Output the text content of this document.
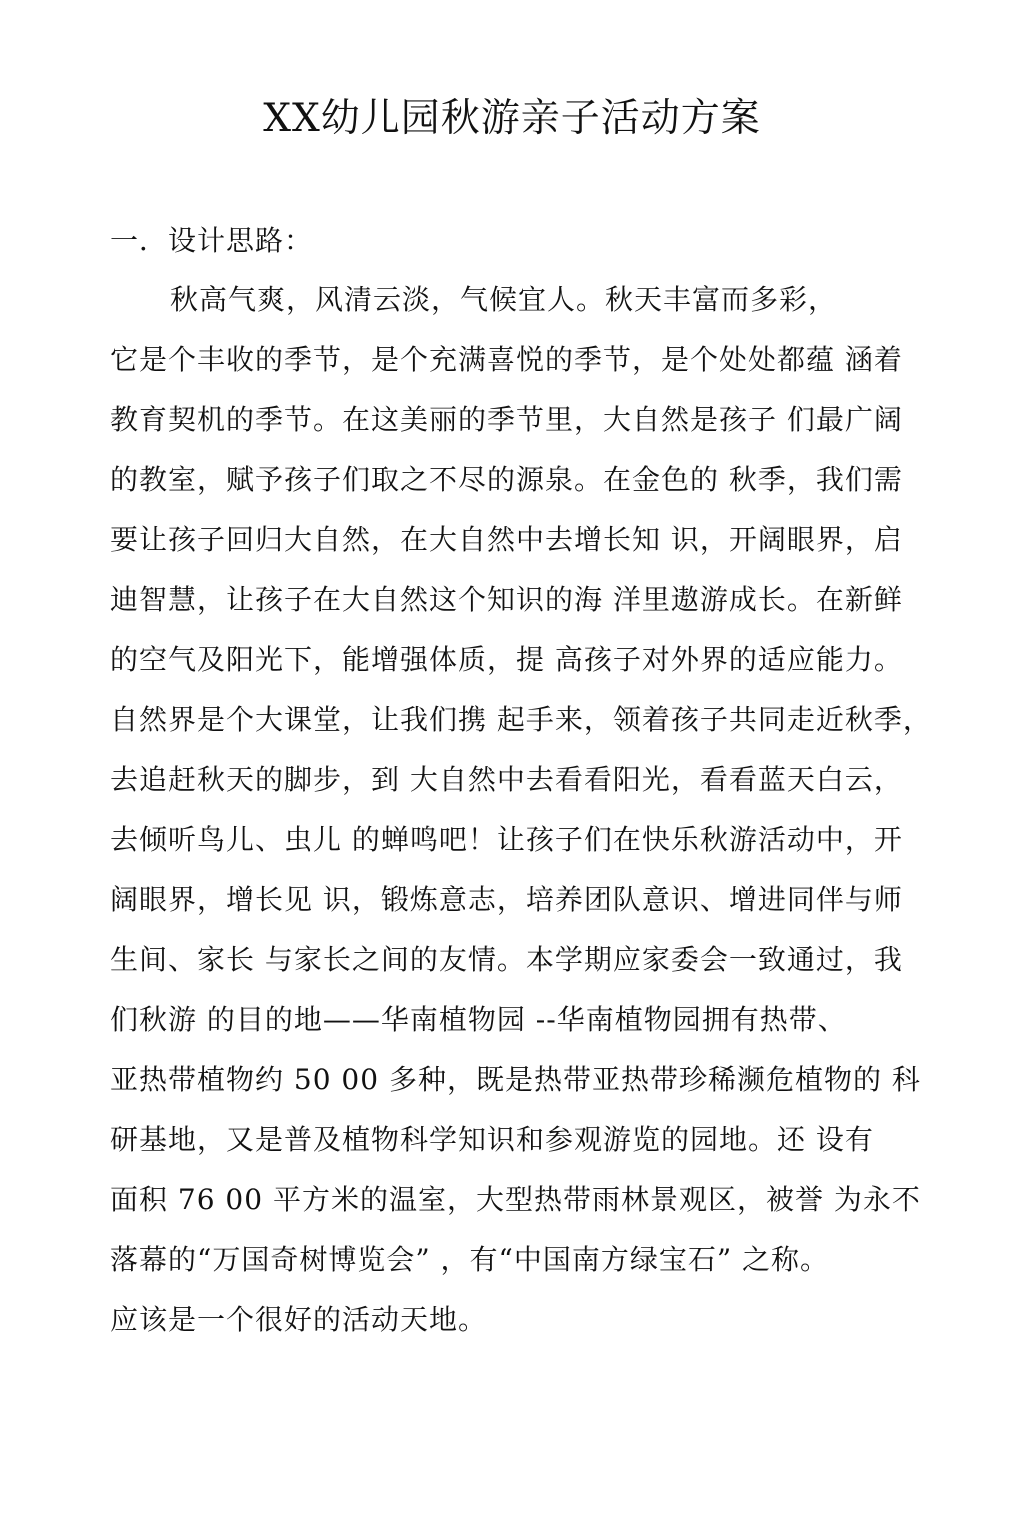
XX幼儿园秋游亲子活动方案
一．设计思路：
秋高气爽，风清云淡，气候宜人。秋天丰富而多彩，
它是个丰收的季节，是个充满喜悦的季节，是个处处都蕴 涵着
教育契机的季节。在这美丽的季节里，大自然是孩子 们最广阔
的教室，赋予孩子们取之不尽的源泉。在金色的 秋季，我们需
要让孩子回归大自然，在大自然中去增长知 识，开阔眼界，启
迪智慧，让孩子在大自然这个知识的海 洋里遨游成长。在新鲜
的空气及阳光下，能增强体质，提 高孩子对外界的适应能力。
自然界是个大课堂，让我们携 起手来，领着孩子共同走近秋季，
去追赶秋天的脚步，到 大自然中去看看阳光，看看蓝天白云，
去倾听鸟儿、虫儿 的蝉鸣吧！让孩子们在快乐秋游活动中，开
阔眼界，增长见 识，锻炼意志，培养团队意识、增进同伴与师
生间、家长 与家长之间的友情。本学期应家委会一致通过，我
们秋游 的目的地——华南植物园 --华南植物园拥有热带、
亚热带植物约 50 00 多种，既是热带亚热带珍稀濒危植物的 科
研基地，又是普及植物科学知识和参观游览的园地。还 设有
面积 76 00 平方米的温室，大型热带雨林景观区，被誉 为永不
落幕的“万国奇树博览会” ，有“中国南方绿宝石” 之称。
应该是一个很好的活动天地。
